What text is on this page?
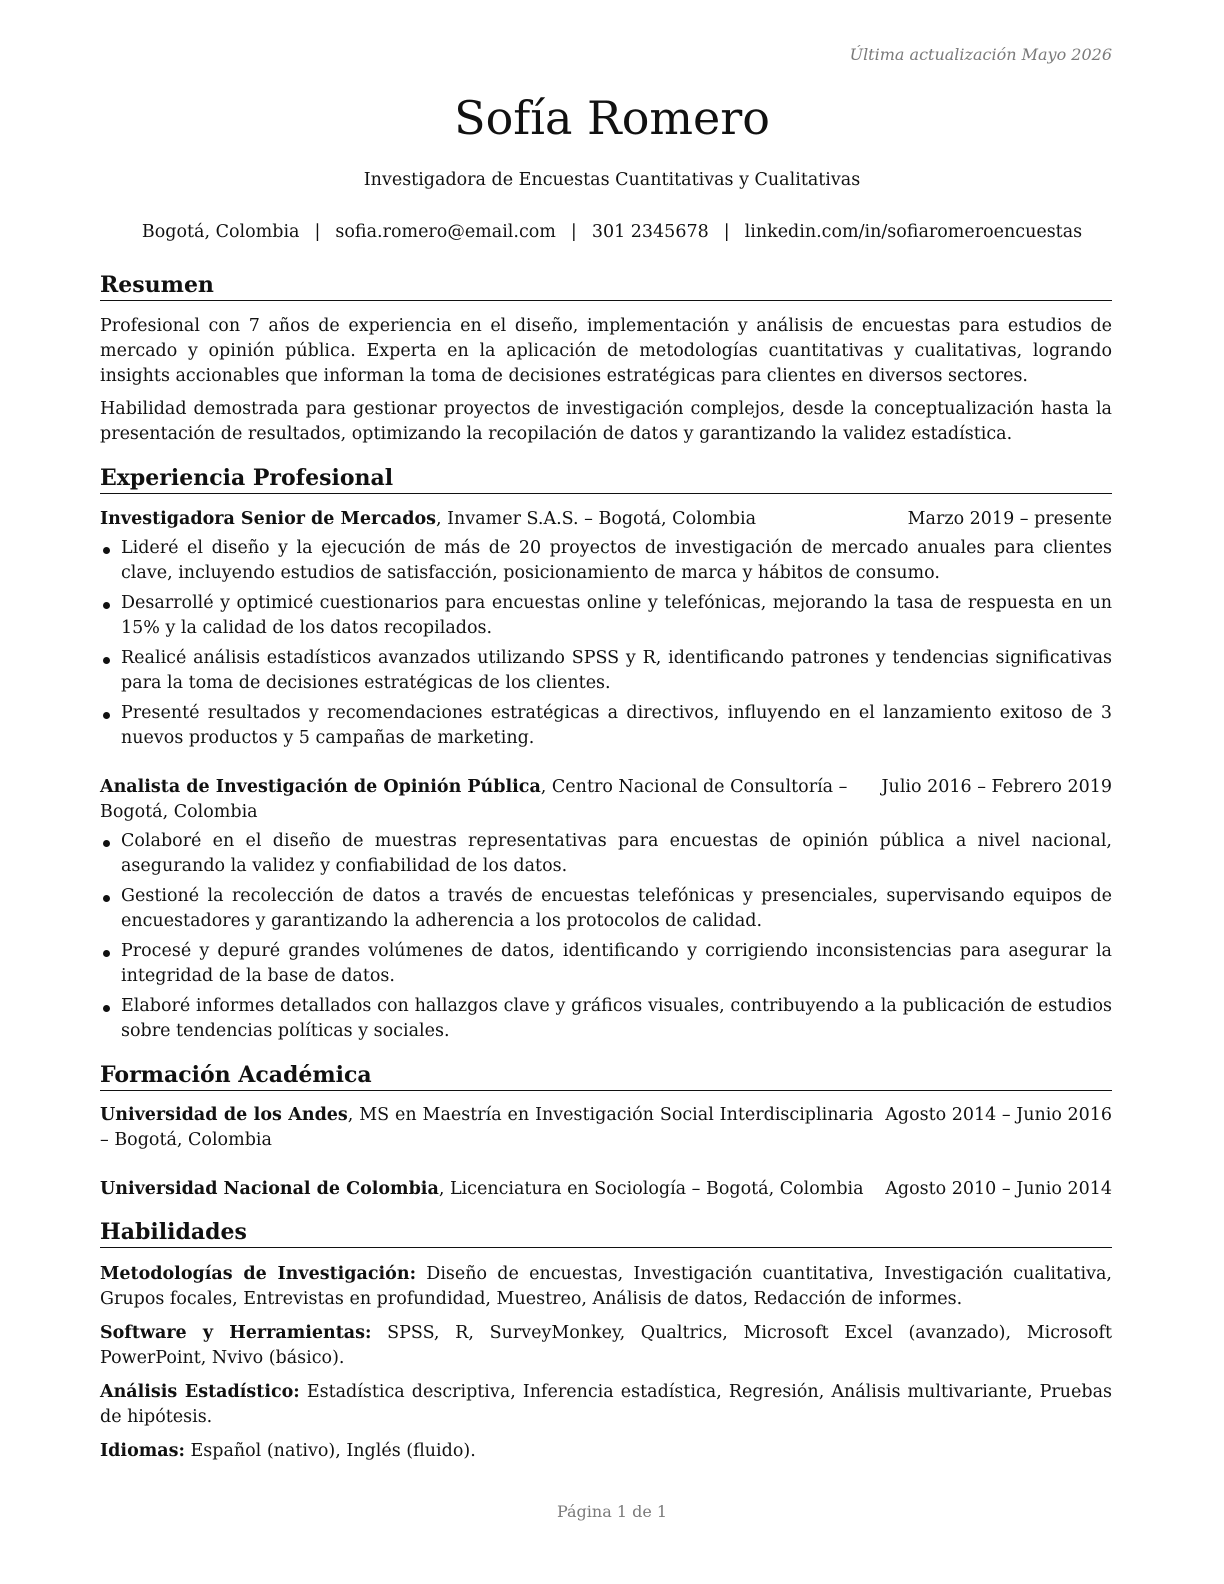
Última actualización Mayo 2026
Sofía Romero
Investigadora de Encuestas Cuantitativas y Cualitativas
Bogotá, Colombia | sofia.romero@email.com | 301 2345678 | linkedin.com/in/sofiaromeroencuestas
Resumen

Profesional con 7 años de experiencia en el diseño, implementación y análisis de encuestas para estudios de mercado y opinión pública. Experta en la aplicación de metodologías cuantitativas y cualitativas, logrando insights accionables que informan la toma de decisiones estratégicas para clientes en diversos sectores.

Habilidad demostrada para gestionar proyectos de investigación complejos, desde la conceptualización hasta la presentación de resultados, optimizando la recopilación de datos y garantizando la validez estadística.

Experiencia Profesional
Investigadora Senior de Mercados, Invamer S.A.S. – Bogotá, Colombia	Marzo 2019 – presente
Lideré el diseño y la ejecución de más de 20 proyectos de investigación de mercado anuales para clientes clave, incluyendo estudios de satisfacción, posicionamiento de marca y hábitos de consumo.
Desarrollé y optimicé cuestionarios para encuestas online y telefónicas, mejorando la tasa de respuesta en un 15% y la calidad de los datos recopilados.
Realicé análisis estadísticos avanzados utilizando SPSS y R, identificando patrones y tendencias significativas para la toma de decisiones estratégicas de los clientes.
Presenté resultados y recomendaciones estratégicas a directivos, influyendo en el lanzamiento exitoso de 3 nuevos productos y 5 campañas de marketing.
Analista de Investigación de Opinión Pública, Centro Nacional de Consultoría – Bogotá, Colombia
Julio 2016 – Febrero 2019
Colaboré en el diseño de muestras representativas para encuestas de opinión pública a nivel nacional, asegurando la validez y confiabilidad de los datos.
Gestioné la recolección de datos a través de encuestas telefónicas y presenciales, supervisando equipos de encuestadores y garantizando la adherencia a los protocolos de calidad.
Procesé y depuré grandes volúmenes de datos, identificando y corrigiendo inconsistencias para asegurar la integridad de la base de datos.
Elaboré informes detallados con hallazgos clave y gráficos visuales, contribuyendo a la publicación de estudios sobre tendencias políticas y sociales.
Formación Académica
Universidad de los Andes, MS en Maestría en Investigación Social Interdisciplinaria – Bogotá, Colombia
Agosto 2014 – Junio 2016
Universidad Nacional de Colombia, Licenciatura en Sociología – Bogotá, Colombia	Agosto 2010 – Junio 2014
Habilidades

Metodologías de Investigación: Diseño de encuestas, Investigación cuantitativa, Investigación cualitativa, Grupos focales, Entrevistas en profundidad, Muestreo, Análisis de datos, Redacción de informes.

Software y Herramientas: SPSS, R, SurveyMonkey, Qualtrics, Microsoft Excel (avanzado), Microsoft PowerPoint, Nvivo (básico).

Análisis Estadístico: Estadística descriptiva, Inferencia estadística, Regresión, Análisis multivariante, Pruebas de hipótesis.

Idiomas: Español (nativo), Inglés (fluido).

Página 1 de 1
